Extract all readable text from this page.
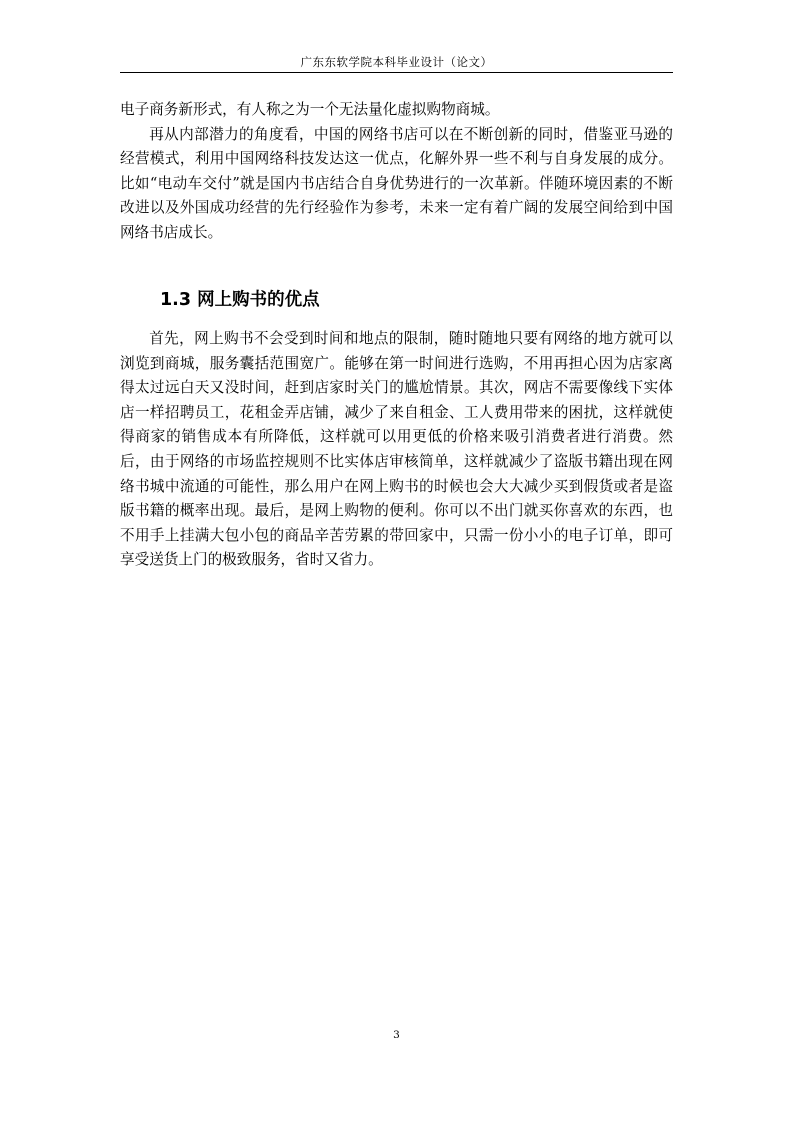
广东东软学院本科毕业设计（论文）

电子商务新形式，有人称之为一个无法量化虚拟购物商城。

再从内部潜力的角度看，中国的网络书店可以在不断创新的同时，借鉴亚马逊的经营模式，利用中国网络科技发达这一优点，化解外界一些不利与自身发展的成分。比如“电动车交付”就是国内书店结合自身优势进行的一次革新。伴随环境因素的不断改进以及外国成功经营的先行经验作为参考，未来一定有着广阔的发展空间给到中国网络书店成长。

1.3 网上购书的优点

首先，网上购书不会受到时间和地点的限制，随时随地只要有网络的地方就可以浏览到商城，服务囊括范围宽广。能够在第一时间进行选购，不用再担心因为店家离得太过远白天又没时间，赶到店家时关门的尴尬情景。其次，网店不需要像线下实体店一样招聘员工，花租金弄店铺，减少了来自租金、工人费用带来的困扰，这样就使得商家的销售成本有所降低，这样就可以用更低的价格来吸引消费者进行消费。然后，由于网络的市场监控规则不比实体店审核简单，这样就减少了盗版书籍出现在网络书城中流通的可能性，那么用户在网上购书的时候也会大大减少买到假货或者是盗版书籍的概率出现。最后，是网上购物的便利。你可以不出门就买你喜欢的东西，也不用手上挂满大包小包的商品辛苦劳累的带回家中，只需一份小小的电子订单，即可享受送货上门的极致服务，省时又省力。

3
